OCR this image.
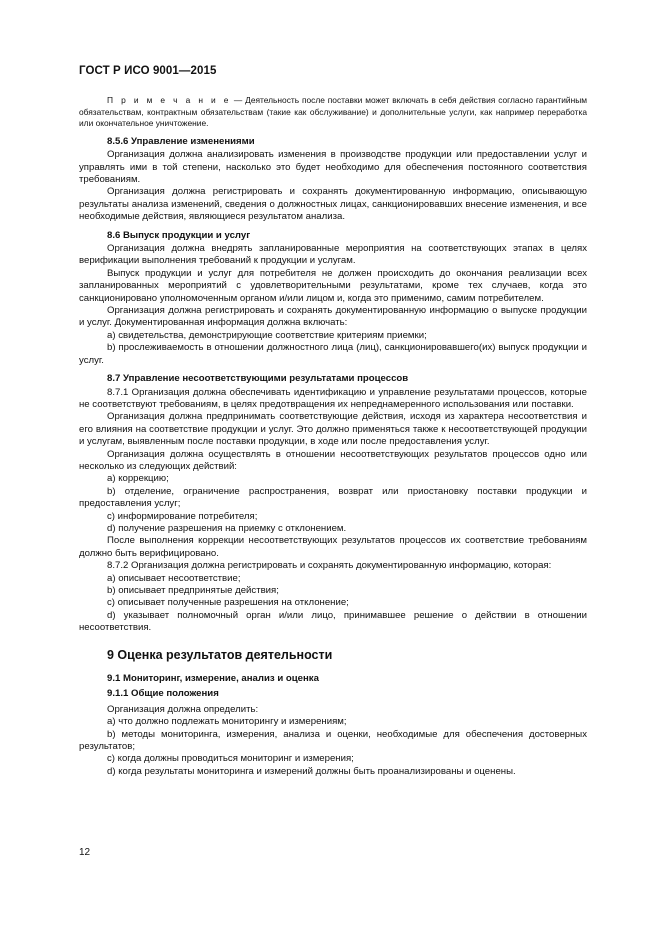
ГОСТ Р ИСО 9001—2015

П р и м е ч а н и е — Деятельность после поставки может включать в себя действия согласно гарантийным обязательствам, контрактным обязательствам (такие как обслуживание) и дополнительные услуги, как например переработка или окончательное уничтожение.

8.5.6 Управление изменениями

Организация должна анализировать изменения в производстве продукции или предоставлении услуг и управлять ими в той степени, насколько это будет необходимо для обеспечения постоянного соответствия требованиям.

Организация должна регистрировать и сохранять документированную информацию, описывающую результаты анализа изменений, сведения о должностных лицах, санкционировавших внесение изменения, и все необходимые действия, являющиеся результатом анализа.

8.6 Выпуск продукции и услуг

Организация должна внедрять запланированные мероприятия на соответствующих этапах в целях верификации выполнения требований к продукции и услугам.

Выпуск продукции и услуг для потребителя не должен происходить до окончания реализации всех запланированных мероприятий с удовлетворительными результатами, кроме тех случаев, когда это санкционировано уполномоченным органом и/или лицом и, когда это применимо, самим потребителем.

Организация должна регистрировать и сохранять документированную информацию о выпуске продукции и услуг. Документированная информация должна включать:

a) свидетельства, демонстрирующие соответствие критериям приемки;

b) прослеживаемость в отношении должностного лица (лиц), санкционировавшего(их) выпуск продукции и услуг.

8.7 Управление несоответствующими результатами процессов

8.7.1 Организация должна обеспечивать идентификацию и управление результатами процессов, которые не соответствуют требованиям, в целях предотвращения их непреднамеренного использования или поставки.

Организация должна предпринимать соответствующие действия, исходя из характера несоответствия и его влияния на соответствие продукции и услуг. Это должно применяться также к несоответствующей продукции и услугам, выявленным после поставки продукции, в ходе или после предоставления услуг.

Организация должна осуществлять в отношении несоответствующих результатов процессов одно или несколько из следующих действий:

a) коррекцию;

b) отделение, ограничение распространения, возврат или приостановку поставки продукции и предоставления услуг;

c) информирование потребителя;

d) получение разрешения на приемку с отклонением.

После выполнения коррекции несоответствующих результатов процессов их соответствие требованиям должно быть верифицировано.

8.7.2 Организация должна регистрировать и сохранять документированную информацию, которая:

a) описывает несоответствие;

b) описывает предпринятые действия;

c) описывает полученные разрешения на отклонение;

d) указывает полномочный орган и/или лицо, принимавшее решение о действии в отношении несоответствия.

9 Оценка результатов деятельности

9.1 Мониторинг, измерение, анализ и оценка

9.1.1 Общие положения

Организация должна определить:

a) что должно подлежать мониторингу и измерениям;

b) методы мониторинга, измерения, анализа и оценки, необходимые для обеспечения достоверных результатов;

c) когда должны проводиться мониторинг и измерения;

d) когда результаты мониторинга и измерений должны быть проанализированы и оценены.

12
